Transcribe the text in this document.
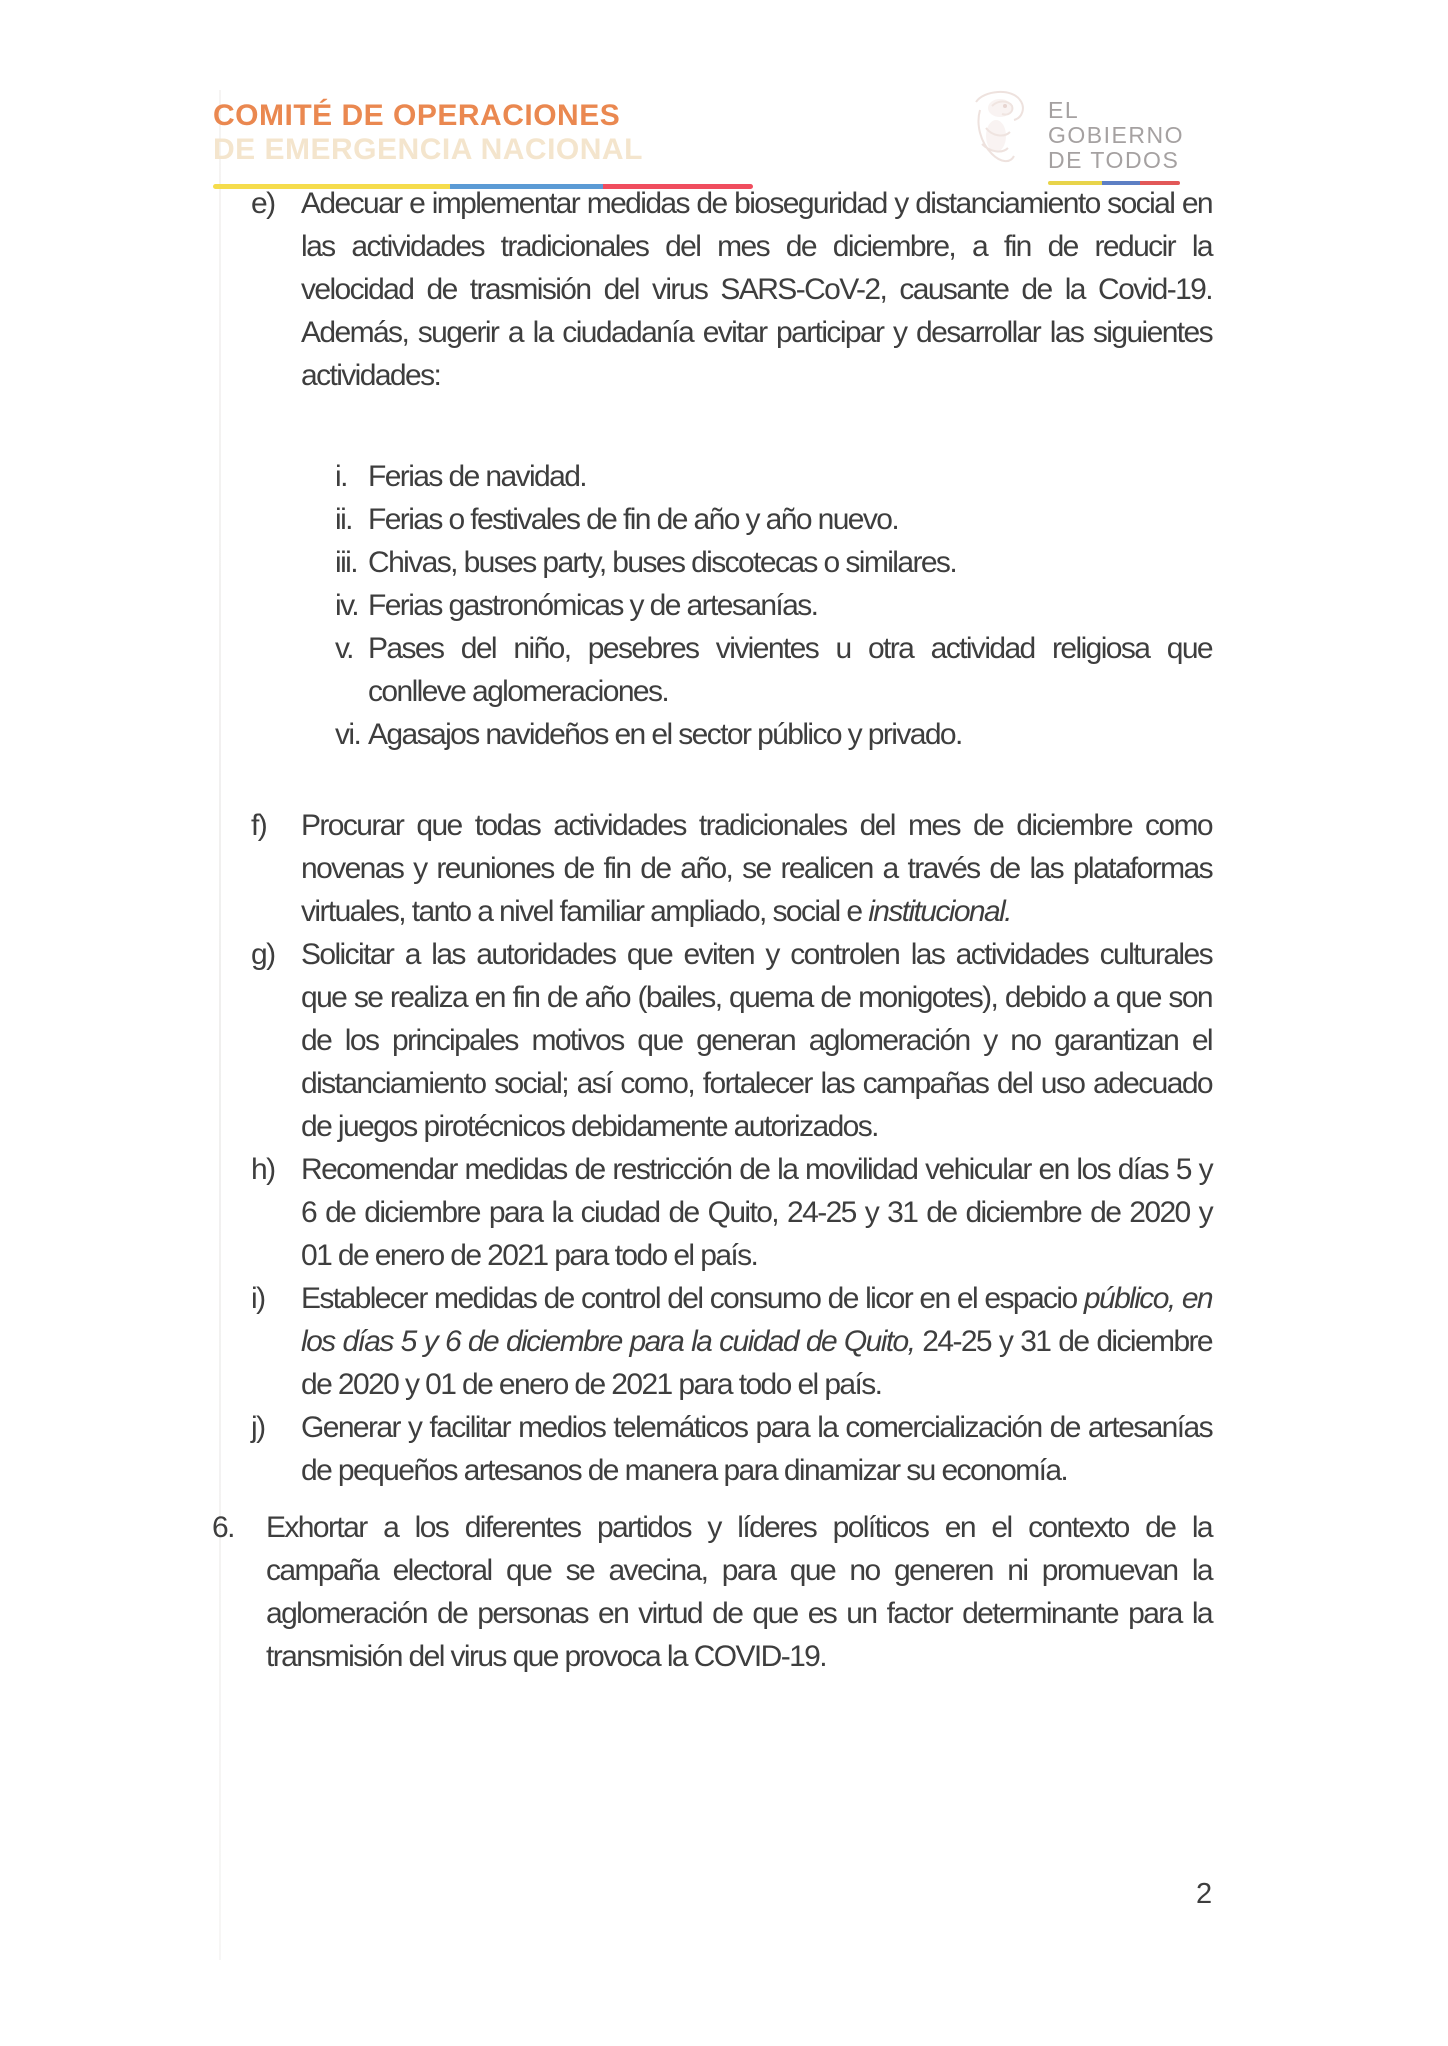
COMITÉ DE OPERACIONES
DE EMERGENCIA NACIONAL
EL
GOBIERNO
DE TODOS
e) Adecuar e implementar medidas de bioseguridad y distanciamiento social en las actividades tradicionales del mes de diciembre, a fin de reducir la velocidad de trasmisión del virus SARS-CoV-2, causante de la Covid-19. Además, sugerir a la ciudadanía evitar participar y desarrollar las siguientes actividades:
i. Ferias de navidad.
ii. Ferias o festivales de fin de año y año nuevo.
iii. Chivas, buses party, buses discotecas o similares.
iv. Ferias gastronómicas y de artesanías.
v. Pases del niño, pesebres vivientes u otra actividad religiosa que conlleve aglomeraciones.
vi. Agasajos navideños en el sector público y privado.
f)	Procurar que todas actividades tradicionales del mes de diciembre como novenas y reuniones de fin de año, se realicen a través de las plataformas virtuales, tanto a nivel familiar ampliado, social e institucional.
g) Solicitar a las autoridades que eviten y controlen las actividades culturales que se realiza en fin de año (bailes, quema de monigotes), debido a que son de los principales motivos que generan aglomeración y no garantizan el distanciamiento social; así como, fortalecer las campañas del uso adecuado de juegos pirotécnicos debidamente autorizados.
h) Recomendar medidas de restricción de la movilidad vehicular en los días 5 y 6 de diciembre para la ciudad de Quito, 24-25 y 31 de diciembre de 2020 y 01 de enero de 2021 para todo el país.
i)	Establecer medidas de control del consumo de licor en el espacio público, en los días 5 y 6 de diciembre para la cuidad de Quito, 24-25 y 31 de diciembre de 2020 y 01 de enero de 2021 para todo el país.
j)	Generar y facilitar medios telemáticos para la comercialización de artesanías de pequeños artesanos de manera para dinamizar su economía.
6.	Exhortar a los diferentes partidos y líderes políticos en el contexto de la campaña electoral que se avecina, para que no generen ni promuevan la aglomeración de personas en virtud de que es un factor determinante para la transmisión del virus que provoca la COVID-19.
2
